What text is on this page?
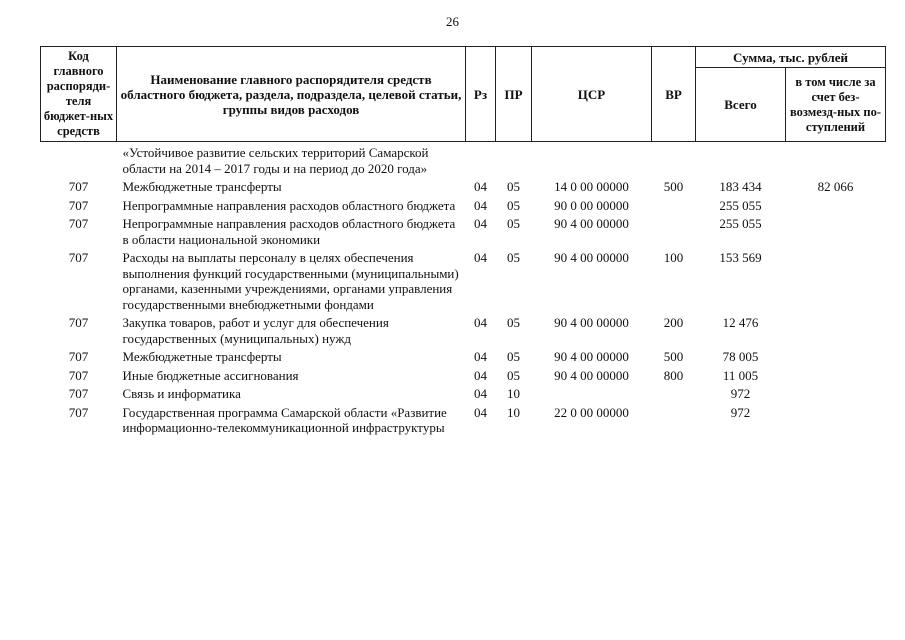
26
Код главного распоряди-теля бюджет-ных средств	Наименование главного распорядителя средств областного бюджета, раздела, подраздела, целевой статьи, группы видов расходов	Рз	ПР	ЦСР	ВР	Сумма, тыс. рублей	
						Всего	в том числе за счет без-возмезд-ных по-ступлений
	«Устойчивое развитие сельских территорий Самарской области на 2014 – 2017 годы и на период до 2020 года»						
707	Межбюджетные трансферты	04	05	14 0 00 00000	500	183 434	82 066
707	Непрограммные направления расходов областного бюджета	04	05	90 0 00 00000		255 055	
707	Непрограммные направления расходов областного бюджета в области национальной экономики	04	05	90 4 00 00000		255 055	
707	Расходы на выплаты персоналу в целях обеспечения выполнения функций государственными (муниципальными) органами, казенными учреждениями, органами управления государственными внебюджетными фондами	04	05	90 4 00 00000	100	153 569	
707	Закупка товаров, работ и услуг для обеспечения государственных (муниципальных) нужд	04	05	90 4 00 00000	200	12 476	
707	Межбюджетные трансферты	04	05	90 4 00 00000	500	78 005	
707	Иные бюджетные ассигнования	04	05	90 4 00 00000	800	11 005	
707	Связь и информатика	04	10			972	
707	Государственная программа Самарской области «Развитие информационно-телекоммуникационной инфраструктуры	04	10	22 0 00 00000		972	
